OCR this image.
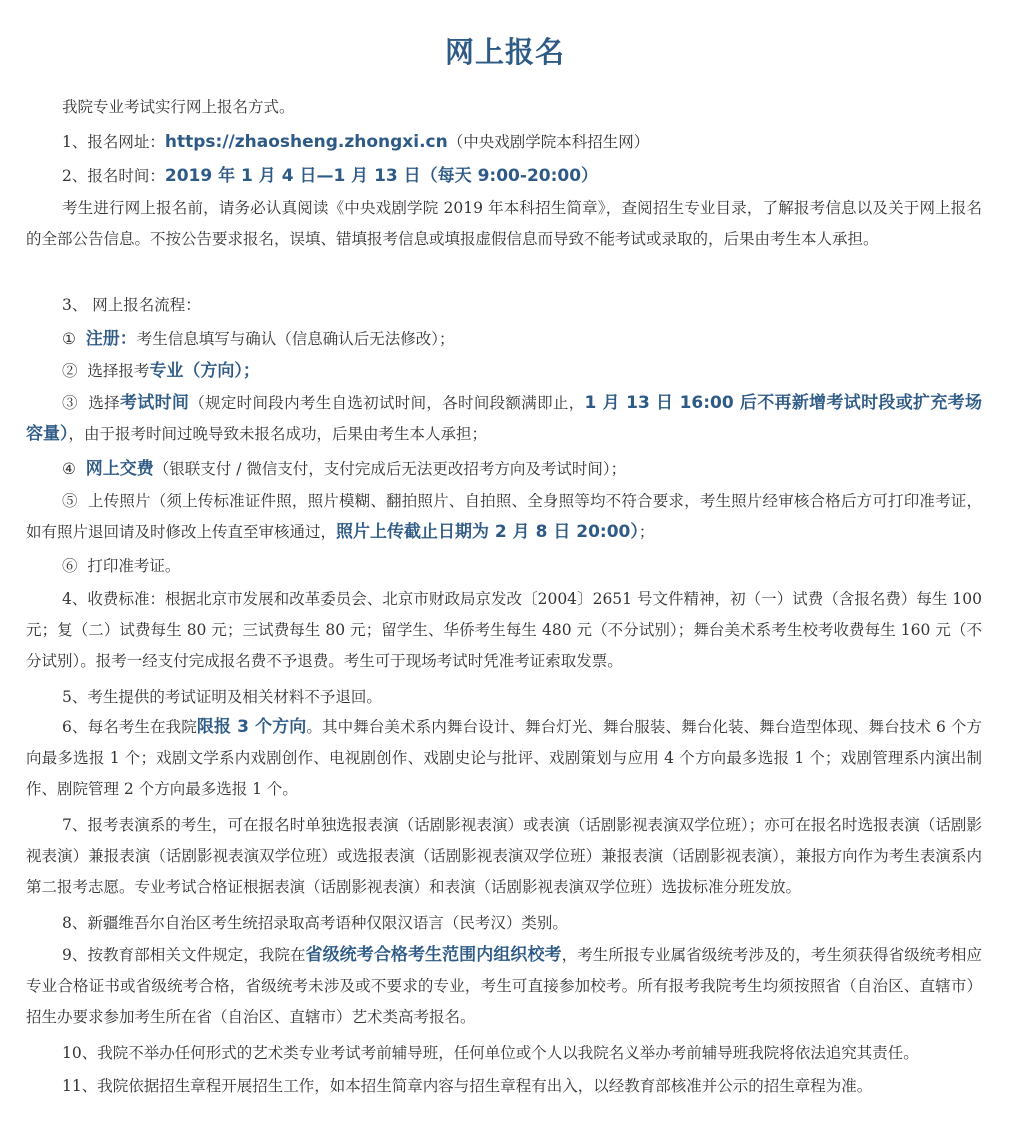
网上报名
我院专业考试实行网上报名方式。
1、报名网址：https://zhaosheng.zhongxi.cn（中央戏剧学院本科招生网）
2、报名时间：2019 年 1 月 4 日—1 月 13 日（每天 9:00-20:00）
考生进行网上报名前，请务必认真阅读《中央戏剧学院 2019 年本科招生简章》，查阅招生专业目录，了解报考信息以及关于网上报名的全部公告信息。不按公告要求报名，误填、错填报考信息或填报虚假信息而导致不能考试或录取的，后果由考生本人承担。
3、 网上报名流程：
① 注册：考生信息填写与确认（信息确认后无法修改）；
② 选择报考专业（方向）；
③ 选择考试时间（规定时间段内考生自选初试时间，各时间段额满即止，1 月 13 日 16:00 后不再新增考试时段或扩充考场容量），由于报考时间过晚导致未报名成功，后果由考生本人承担；
④ 网上交费（银联支付 / 微信支付，支付完成后无法更改招考方向及考试时间）；
⑤ 上传照片（须上传标准证件照，照片模糊、翻拍照片、自拍照、全身照等均不符合要求，考生照片经审核合格后方可打印准考证，如有照片退回请及时修改上传直至审核通过，照片上传截止日期为 2 月 8 日 20:00）；
⑥ 打印准考证。
4、收费标准：根据北京市发展和改革委员会、北京市财政局京发改〔2004〕2651 号文件精神，初（一）试费（含报名费）每生 100 元；复（二）试费每生 80 元；三试费每生 80 元；留学生、华侨考生每生 480 元（不分试别）；舞台美术系考生校考收费每生 160 元（不分试别）。报考一经支付完成报名费不予退费。考生可于现场考试时凭准考证索取发票。
5、考生提供的考试证明及相关材料不予退回。
6、每名考生在我院限报 3 个方向。其中舞台美术系内舞台设计、舞台灯光、舞台服装、舞台化装、舞台造型体现、舞台技术 6 个方向最多选报 1 个；戏剧文学系内戏剧创作、电视剧创作、戏剧史论与批评、戏剧策划与应用 4 个方向最多选报 1 个；戏剧管理系内演出制作、剧院管理 2 个方向最多选报 1 个。
7、报考表演系的考生，可在报名时单独选报表演（话剧影视表演）或表演（话剧影视表演双学位班）；亦可在报名时选报表演（话剧影视表演）兼报表演（话剧影视表演双学位班）或选报表演（话剧影视表演双学位班）兼报表演（话剧影视表演），兼报方向作为考生表演系内第二报考志愿。专业考试合格证根据表演（话剧影视表演）和表演（话剧影视表演双学位班）选拔标准分班发放。
8、新疆维吾尔自治区考生统招录取高考语种仅限汉语言（民考汉）类别。
9、按教育部相关文件规定，我院在省级统考合格考生范围内组织校考，考生所报专业属省级统考涉及的，考生须获得省级统考相应专业合格证书或省级统考合格，省级统考未涉及或不要求的专业，考生可直接参加校考。所有报考我院考生均须按照省（自治区、直辖市）招生办要求参加考生所在省（自治区、直辖市）艺术类高考报名。
10、我院不举办任何形式的艺术类专业考试考前辅导班，任何单位或个人以我院名义举办考前辅导班我院将依法追究其责任。
11、我院依据招生章程开展招生工作，如本招生简章内容与招生章程有出入，以经教育部核准并公示的招生章程为准。
